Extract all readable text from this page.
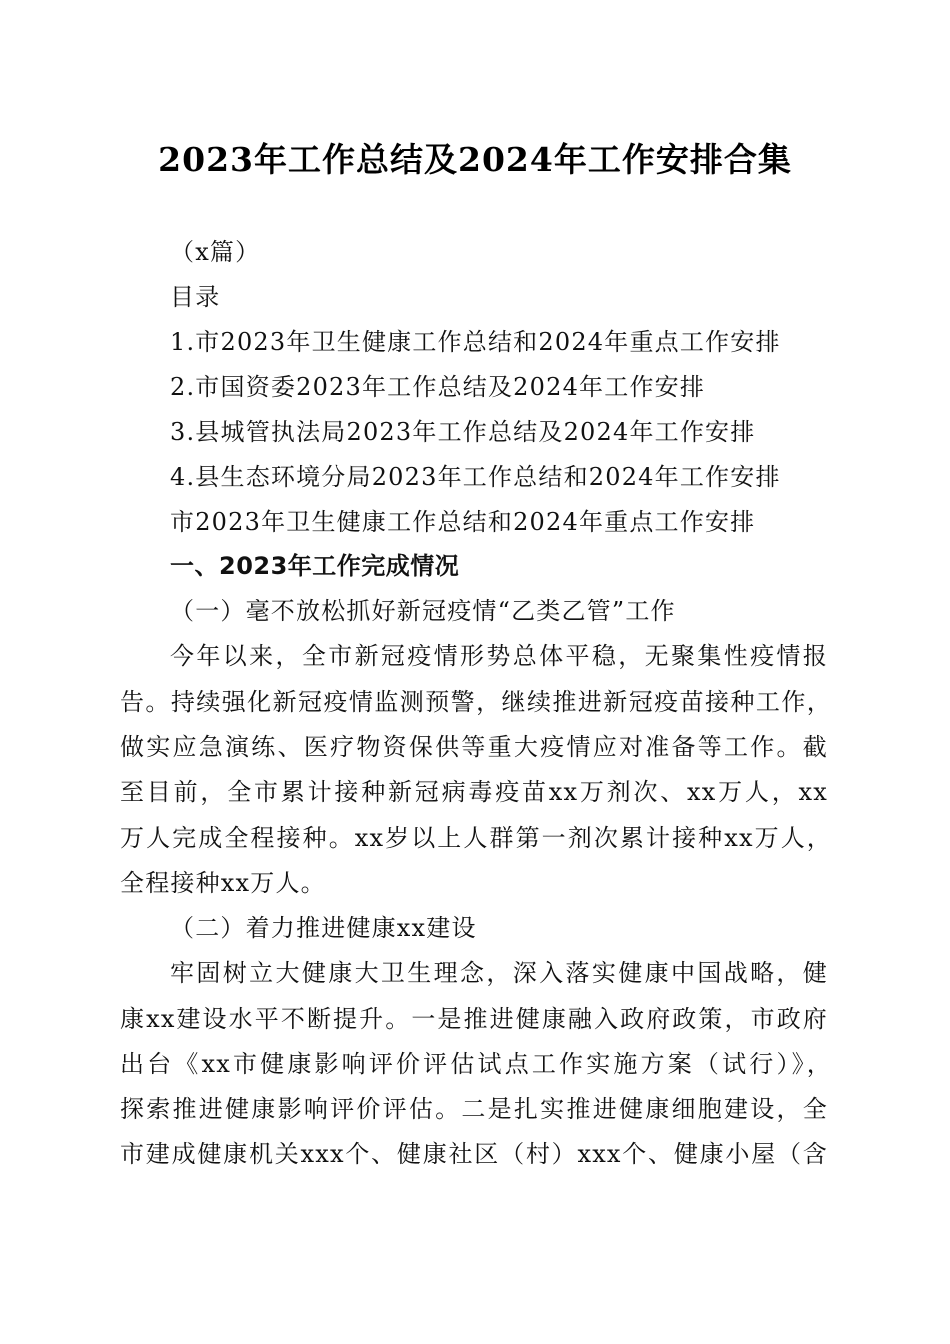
2023年工作总结及2024年工作安排合集
（x篇）
目录
1.市2023年卫生健康工作总结和2024年重点工作安排
2.市国资委2023年工作总结及2024年工作安排
3.县城管执法局2023年工作总结及2024年工作安排
4.县生态环境分局2023年工作总结和2024年工作安排
市2023年卫生健康工作总结和2024年重点工作安排
一、2023年工作完成情况
（一）毫不放松抓好新冠疫情“乙类乙管”工作
今年以来，全市新冠疫情形势总体平稳，无聚集性疫情报
告。持续强化新冠疫情监测预警，继续推进新冠疫苗接种工作，
做实应急演练、医疗物资保供等重大疫情应对准备等工作。截
至目前，全市累计接种新冠病毒疫苗xx万剂次、xx万人，xx
万人完成全程接种。xx岁以上人群第一剂次累计接种xx万人，
全程接种xx万人。
（二）着力推进健康xx建设
牢固树立大健康大卫生理念，深入落实健康中国战略，健
康xx建设水平不断提升。一是推进健康融入政府政策，市政府
出台《xx市健康影响评价评估试点工作实施方案（试行）》，
探索推进健康影响评价评估。二是扎实推进健康细胞建设，全
市建成健康机关xxx个、健康社区（村）xxx个、健康小屋（含
